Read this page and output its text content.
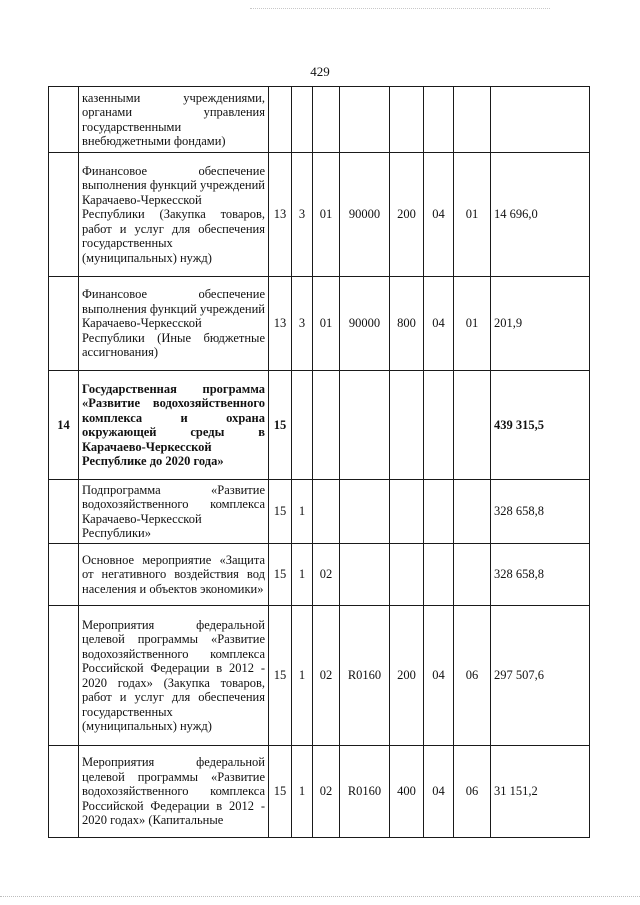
429
	казенными учреждениями, органами управления государственными внебюджетными фондами)								
	Финансовое обеспечение выполнения функций учреждений Карачаево-Черкесской Республики (Закупка товаров, работ и услуг для обеспечения государственных (муниципальных) нужд)	13	3	01	90000	200	04	01	14 696,0
	Финансовое обеспечение выполнения функций учреждений Карачаево-Черкесской Республики (Иные бюджетные ассигнования)	13	3	01	90000	800	04	01	201,9
14	Государственная программа «Развитие водохозяйственного комплекса и охрана окружающей среды в Карачаево-Черкесской Республике до 2020 года»	15							439 315,5
	Подпрограмма «Развитие водохозяйственного комплекса Карачаево-Черкесской Республики»	15	1						328 658,8
	Основное мероприятие «Защита от негативного воздействия вод населения и объектов экономики»	15	1	02					328 658,8
	Мероприятия федеральной целевой программы «Развитие водохозяйственного комплекса Российской Федерации в 2012 - 2020 годах» (Закупка товаров, работ и услуг для обеспечения государственных (муниципальных) нужд)	15	1	02	R0160	200	04	06	297 507,6
	Мероприятия федеральной целевой программы «Развитие водохозяйственного комплекса Российской Федерации в 2012 - 2020 годах» (Капитальные	15	1	02	R0160	400	04	06	31 151,2
